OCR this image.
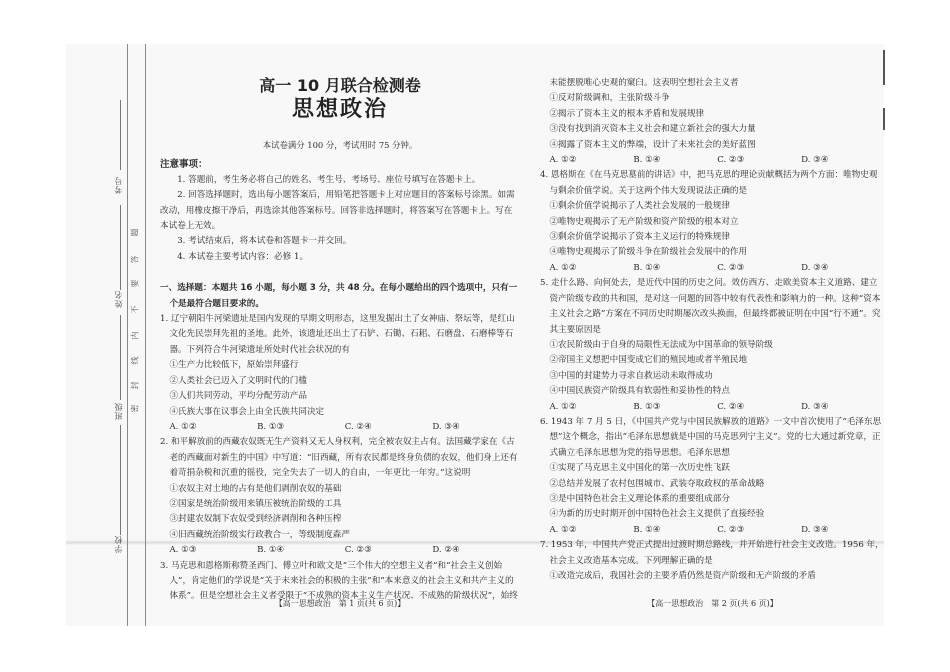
考号
姓名
班级
学校
题
答
要
不
内
线
封
密
高一 10 月联合检测卷
思想政治
本试卷满分 100 分，考试用时 75 分钟。
注意事项：
1. 答题前，考生务必将自己的姓名、考生号、考场号、座位号填写在答题卡上。
2. 回答选择题时，选出每小题答案后，用铅笔把答题卡上对应题目的答案标号涂黑。如需改动，用橡皮擦干净后，再选涂其他答案标号。回答非选择题时，将答案写在答题卡上。写在本试卷上无效。
3. 考试结束后，将本试卷和答题卡一并交回。
4. 本试卷主要考试内容：必修 1。
一、选择题：本题共 16 小题，每小题 3 分，共 48 分。在每小题给出的四个选项中，只有一个是最符合题目要求的。
1. 辽宁朝阳牛河梁遗址是国内发现的早期文明形态，这里发掘出土了女神庙、祭坛等，是红山文化先民崇拜先祖的圣地。此外，该遗址还出土了石铲、石锄、石耜、石磨盘、石磨棒等石器。下列符合牛河梁遗址所处时代社会状况的有
①生产力比较低下，原始崇拜盛行
②人类社会已迈入了文明时代的门槛
③人们共同劳动，平均分配劳动产品
④氏族大事在议事会上由全氏族共同决定
A. ①②	B. ①③	C. ②④	D. ③④
2. 和平解放前的西藏农奴既无生产资料又无人身权利，完全被农奴主占有。法国藏学家在《古老的西藏面对新生的中国》中写道：“旧西藏，所有农民都是终身负债的农奴，他们身上还有着苛捐杂税和沉重的徭役，完全失去了一切人的自由，一年更比一年穷。”这说明
①农奴主对土地的占有是他们剥削农奴的基础
②国家是统治阶级用来镇压被统治阶级的工具
③封建农奴制下农奴受到经济剥削和各种压榨
④旧西藏统治阶级实行政教合一，等级制度森严
A. ①③	B. ①④	C. ②③	D. ②④
3. 马克思和恩格斯称赞圣西门、傅立叶和欧文是“三个伟大的空想主义者”和“社会主义创始人”，肯定他们的学说是“关于未来社会的积极的主张”和“本来意义的社会主义和共产主义的体系”。但是空想社会主义者受限于“不成熟的资本主义生产状况、不成熟的阶级状况”，始终
【高一思想政治　第 1 页(共 6 页)】
未能摆脱唯心史观的窠臼。这表明空想社会主义者
①反对阶级调和，主张阶级斗争
②揭示了资本主义的根本矛盾和发展规律
③没有找到消灭资本主义社会和建立新社会的强大力量
④揭露了资本主义的弊端，设计了未来社会的美好蓝图
A. ①②	B. ①④	C. ②③	D. ③④
4. 恩格斯在《在马克思墓前的讲话》中，把马克思的理论贡献概括为两个方面：唯物史观与剩余价值学说。关于这两个伟大发现说法正确的是
①剩余价值学说揭示了人类社会发展的一般规律
②唯物史观揭示了无产阶级和资产阶级的根本对立
③剩余价值学说揭示了资本主义运行的特殊规律
④唯物史观揭示了阶级斗争在阶级社会发展中的作用
A. ①②	B. ①④	C. ②③	D. ③④
5. 走什么路、向何处去，是近代中国的历史之问。效仿西方、走欧美资本主义道路、建立资产阶级专政的共和国，是对这一问题的回答中较有代表性和影响力的一种。这种“资本主义社会之路”方案在不同历史时期屡次改头换面，但最终都被证明在中国“行不通”。究其主要原因是
①农民阶级由于自身的局限性无法成为中国革命的领导阶级
②帝国主义想把中国变成它们的殖民地或者半殖民地
③中国的封建势力寻求自救运动未取得成功
④中国民族资产阶级具有软弱性和妥协性的特点
A. ①②	B. ①③	C. ②④	D. ③④
6. 1943 年 7 月 5 日，《中国共产党与中国民族解放的道路》一文中首次使用了“毛泽东思想”这个概念，指出“毛泽东思想就是中国的马克思列宁主义”。党的七大通过新党章，正式确立毛泽东思想为党的指导思想。毛泽东思想
①实现了马克思主义中国化的第一次历史性飞跃
②总结并发展了农村包围城市、武装夺取政权的革命战略
③是中国特色社会主义理论体系的重要组成部分
④为新的历史时期开创中国特色社会主义提供了直接经验
A. ①②	B. ①④	C. ②③	D. ③④
7. 1953 年，中国共产党正式提出过渡时期总路线，并开始进行社会主义改造。1956 年，社会主义改造基本完成。下列理解正确的是
①改造完成后，我国社会的主要矛盾仍然是资产阶级和无产阶级的矛盾
【高一思想政治　第 2 页(共 6 页)】
